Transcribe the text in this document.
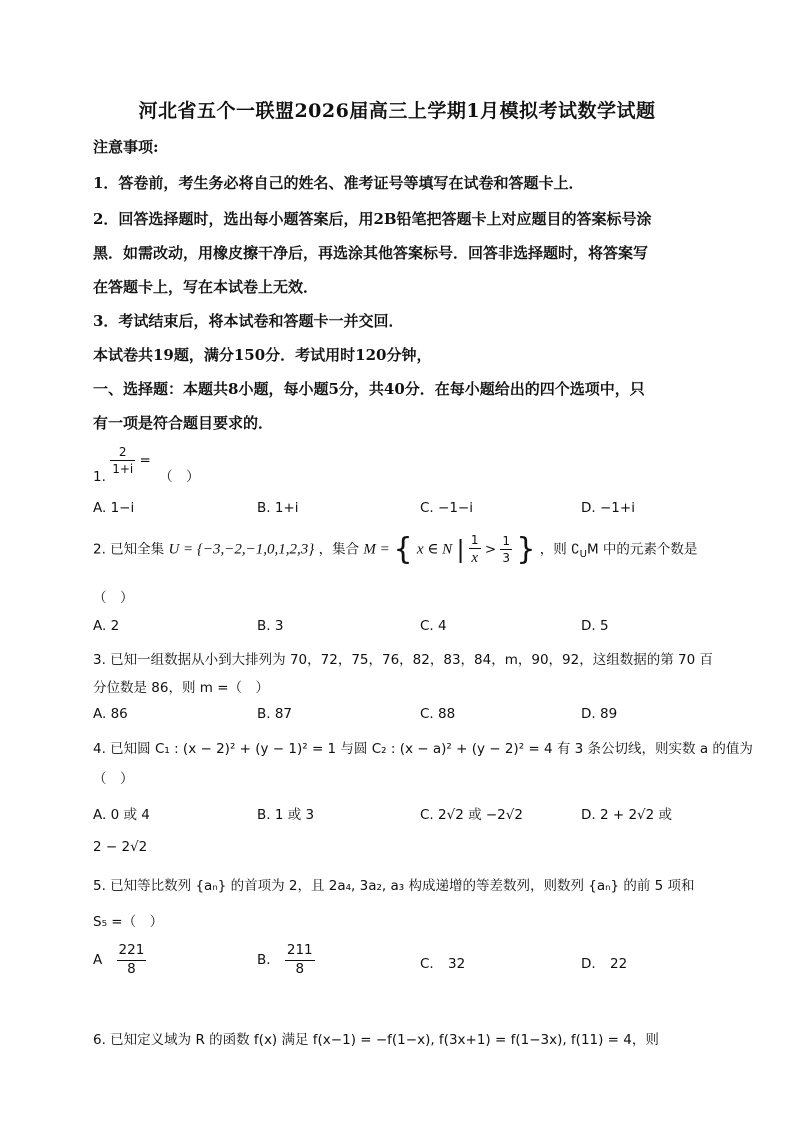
河北省五个一联盟2026届高三上学期1月模拟考试数学试题
注意事项:
1．答卷前，考生务必将自己的姓名、准考证号等填写在试卷和答题卡上．
2．回答选择题时，选出每小题答案后，用2B铅笔把答题卡上对应题目的答案标号涂
黑．如需改动，用橡皮擦干净后，再选涂其他答案标号．回答非选择题时，将答案写
在答题卡上，写在本试卷上无效．
3．考试结束后，将本试卷和答题卡一并交回．
本试卷共19题，满分150分．考试用时120分钟，
一、选择题：本题共8小题，每小题5分，共40分．在每小题给出的四个选项中，只
有一项是符合题目要求的．
1.
$\frac{2}{1+i}$ = （　）
A. 1−i	B. 1+i	C. −1−i	D. −1+i
2. 已知全集 U = {−3,−2,−1,0,1,2,3} ，集合 M = { x ∈ N | $\frac{1}{x} > \frac{1}{3}$ } ，则 $∁_UM$ 中的元素个数是
（　）
A. 2	B. 3	C. 4	D. 5
3. 已知一组数据从小到大排列为 70，72，75，76，82，83，84，m，90，92，这组数据的第 70 百
分位数是 86，则 m =（　）
A. 86	B. 87	C. 88	D. 89
4. 已知圆 C₁ : (x − 2)² + (y − 1)² = 1 与圆 C₂ : (x − a)² + (y − 2)² = 4 有 3 条公切线，则实数 a 的值为
（　）
A. 0 或 4	B. 1 或 3	C. 2√2 或 −2√2	D. 2 + 2√2 或
2 − 2√2
5. 已知等比数列 {aₙ} 的首项为 2，且 2a₄, 3a₂, a₃ 构成递增的等差数列，则数列 {aₙ} 的前 5 项和
S₅ =（　）
A $\frac{221}{8}$	B. $\frac{211}{8}$	C. 32	D. 22
6. 已知定义域为 R 的函数 f(x) 满足 f(x−1) = −f(1−x), f(3x+1) = f(1−3x), f(11) = 4，则
